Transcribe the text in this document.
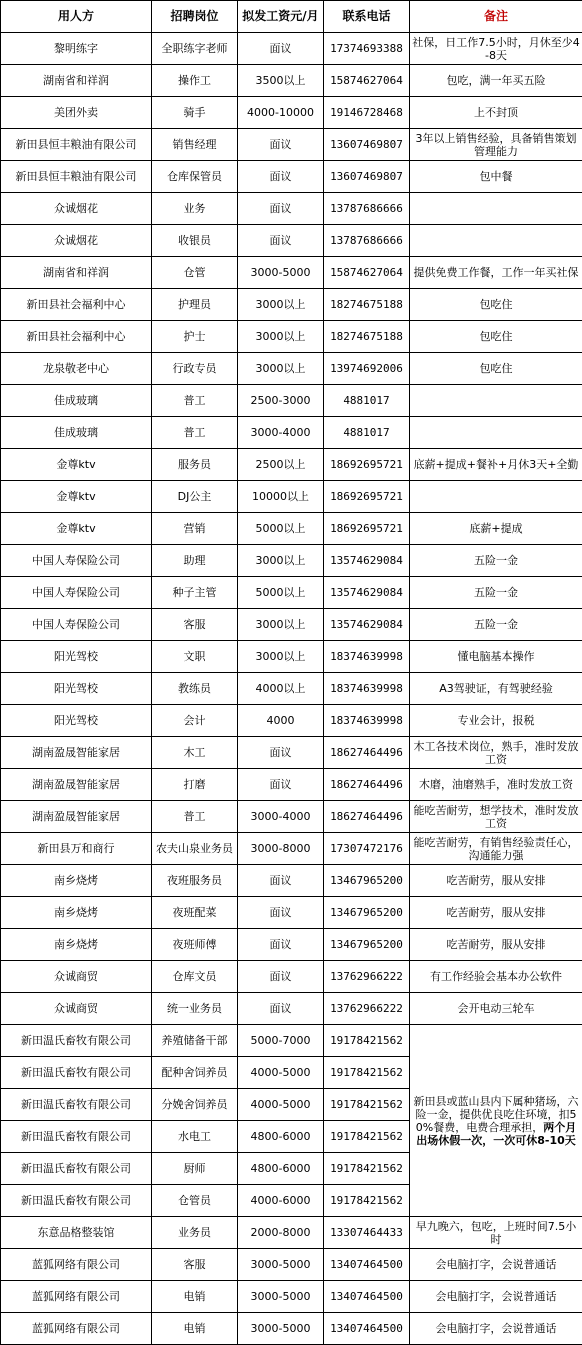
用人方	招聘岗位	拟发工资元/月	联系电话	备注
黎明练字	全职练字老师	面议	17374693388	社保，日工作7.5小时，月休至少4-8天
湖南省和祥润	操作工	3500以上	15874627064	包吃，满一年买五险
美团外卖	骑手	4000-10000	19146728468	上不封顶
新田县恒丰粮油有限公司	销售经理	面议	13607469807	3年以上销售经验，具备销售策划管理能力
新田县恒丰粮油有限公司	仓库保管员	面议	13607469807	包中餐
众诚烟花	业务	面议	13787686666	
众诚烟花	收银员	面议	13787686666	
湖南省和祥润	仓管	3000-5000	15874627064	提供免费工作餐，工作一年买社保
新田县社会福利中心	护理员	3000以上	18274675188	包吃住
新田县社会福利中心	护士	3000以上	18274675188	包吃住
龙泉敬老中心	行政专员	3000以上	13974692006	包吃住
佳成玻璃	普工	2500-3000	4881017	
佳成玻璃	普工	3000-4000	4881017	
金尊ktv	服务员	2500以上	18692695721	底薪+提成+餐补+月休3天+全勤
金尊ktv	DJ公主	10000以上	18692695721	
金尊ktv	营销	5000以上	18692695721	底薪+提成
中国人寿保险公司	助理	3000以上	13574629084	五险一金
中国人寿保险公司	种子主管	5000以上	13574629084	五险一金
中国人寿保险公司	客服	3000以上	13574629084	五险一金
阳光驾校	文职	3000以上	18374639998	懂电脑基本操作
阳光驾校	教练员	4000以上	18374639998	A3驾驶证，有驾驶经验
阳光驾校	会计	4000	18374639998	专业会计，报税
湖南盈晟智能家居	木工	面议	18627464496	木工各技术岗位，熟手，准时发放工资
湖南盈晟智能家居	打磨	面议	18627464496	木磨，油磨熟手，准时发放工资
湖南盈晟智能家居	普工	3000-4000	18627464496	能吃苦耐劳，想学技术，准时发放工资
新田县万和商行	农夫山泉业务员	3000-8000	17307472176	能吃苦耐劳，有销售经验责任心，沟通能力强
南乡烧烤	夜班服务员	面议	13467965200	吃苦耐劳，服从安排
南乡烧烤	夜班配菜	面议	13467965200	吃苦耐劳，服从安排
南乡烧烤	夜班师傅	面议	13467965200	吃苦耐劳，服从安排
众诚商贸	仓库文员	面议	13762966222	有工作经验会基本办公软件
众诚商贸	统一业务员	面议	13762966222	会开电动三轮车
新田温氏畜牧有限公司	养殖储备干部	5000-7000	19178421562	新田县或蓝山县内下属种猪场，六险一金，提供优良吃住环境，扣50%餐费，电费合理承担，两个月出场休假一次，一次可休8-10天
新田温氏畜牧有限公司	配种舍饲养员	4000-5000	19178421562	
新田温氏畜牧有限公司	分娩舍饲养员	4000-5000	19178421562	
新田温氏畜牧有限公司	水电工	4800-6000	19178421562	
新田温氏畜牧有限公司	厨师	4800-6000	19178421562	
新田温氏畜牧有限公司	仓管员	4000-6000	19178421562	
东意品格整装馆	业务员	2000-8000	13307464433	早九晚六，包吃，上班时间7.5小时
蓝狐网络有限公司	客服	3000-5000	13407464500	会电脑打字，会说普通话
蓝狐网络有限公司	电销	3000-5000	13407464500	会电脑打字，会说普通话
蓝狐网络有限公司	电销	3000-5000	13407464500	会电脑打字，会说普通话
